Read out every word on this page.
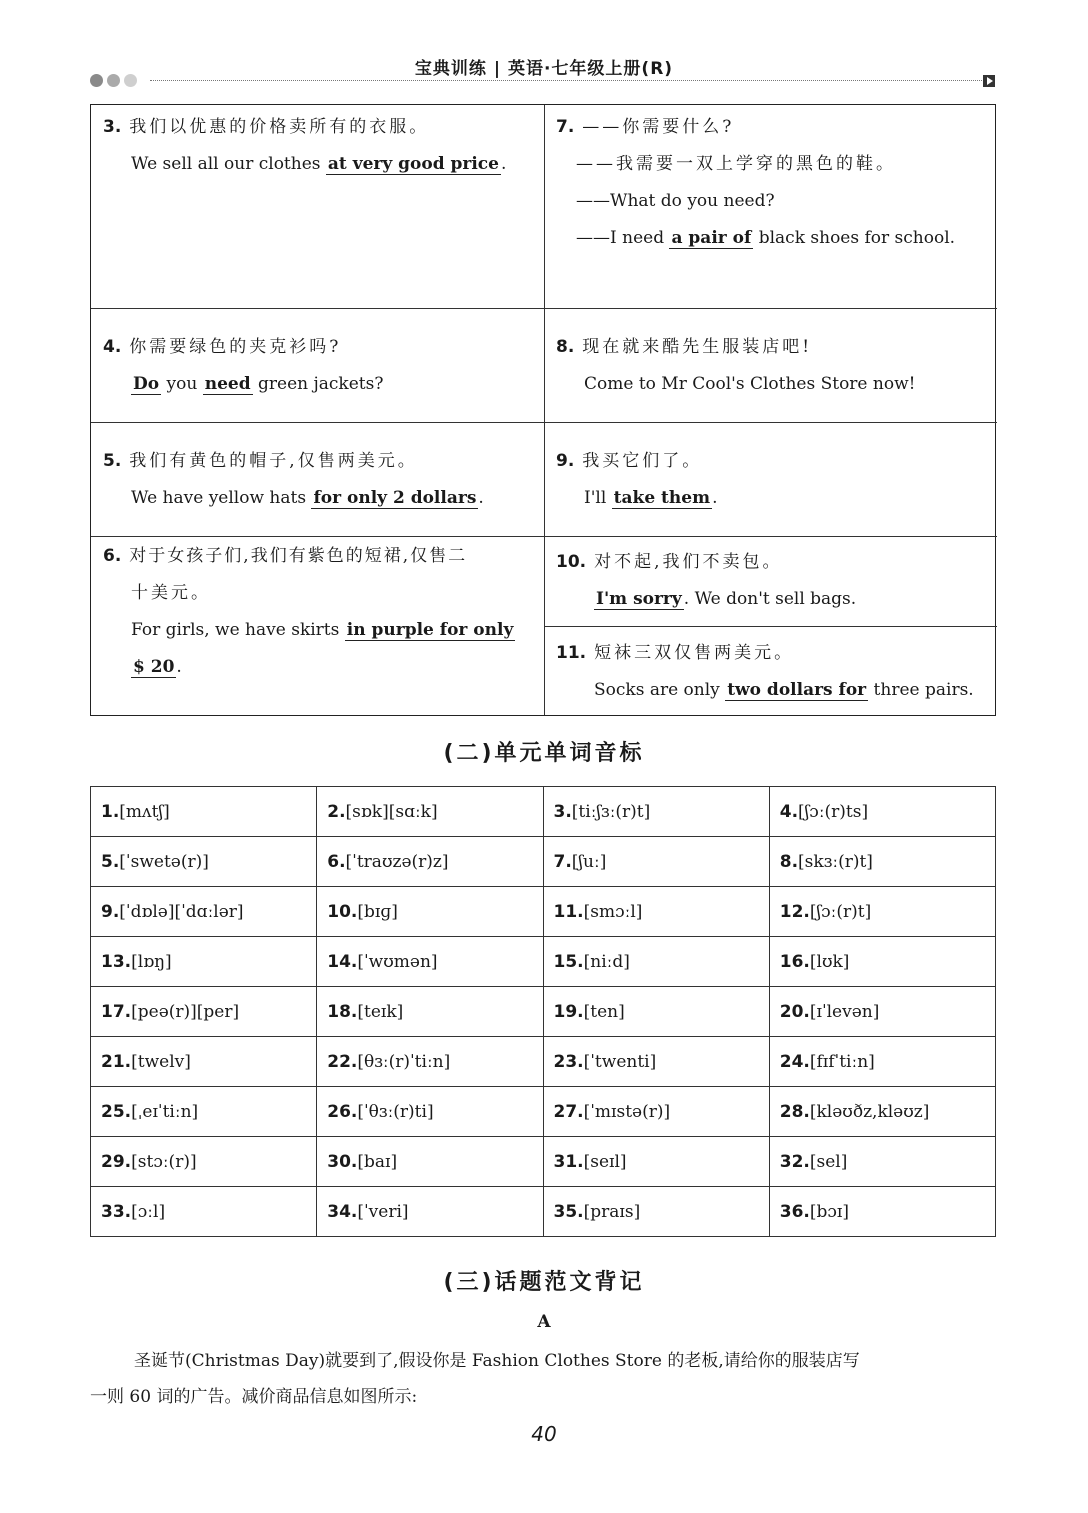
宝典训练 | 英语·七年级上册(R)
3. 我们以优惠的价格卖所有的衣服。
We sell all our clothes at very good price .
7. ——你需要什么?
——我需要一双上学穿的黑色的鞋。
——What do you need?
——I need a pair of black shoes for school.
4. 你需要绿色的夹克衫吗?
Do you need green jackets?
8. 现在就来酷先生服装店吧!
Come to Mr Cool's Clothes Store now!
5. 我们有黄色的帽子,仅售两美元。
We have yellow hats for only 2 dollars .
9. 我买它们了。
I'll take them .
6. 对于女孩子们,我们有紫色的短裙,仅售二
十美元。
For girls, we have skirts in purple for only
$ 20 .
10. 对不起,我们不卖包。
I'm sorry . We don't sell bags.
11. 短袜三双仅售两美元。
Socks are only two dollars for three pairs.
(二)单元单词音标
1.[mʌtʃ]	2.[sɒk][sɑːk]	3.[tiːʃɜː(r)t]	4.[ʃɔː(r)ts]
5.[ˈswetə(r)]	6.[ˈtraʊzə(r)z]	7.[ʃuː]	8.[skɜː(r)t]
9.[ˈdɒlə][ˈdɑːlər]	10.[bɪɡ]	11.[smɔːl]	12.[ʃɔː(r)t]
13.[lɒŋ]	14.[ˈwʊmən]	15.[niːd]	16.[lʊk]
17.[peə(r)][per]	18.[teɪk]	19.[ten]	20.[ɪˈlevən]
21.[twelv]	22.[θɜː(r)ˈtiːn]	23.[ˈtwenti]	24.[fɪfˈtiːn]
25.[ˌeɪˈtiːn]	26.[ˈθɜː(r)ti]	27.[ˈmɪstə(r)]	28.[kləʊðz,kləʊz]
29.[stɔː(r)]	30.[baɪ]	31.[seɪl]	32.[sel]
33.[ɔːl]	34.[ˈveri]	35.[praɪs]	36.[bɔɪ]
(三)话题范文背记
A
圣诞节(Christmas Day)就要到了,假设你是 Fashion Clothes Store 的老板,请给你的服装店写
一则 60 词的广告。减价商品信息如图所示:
40
